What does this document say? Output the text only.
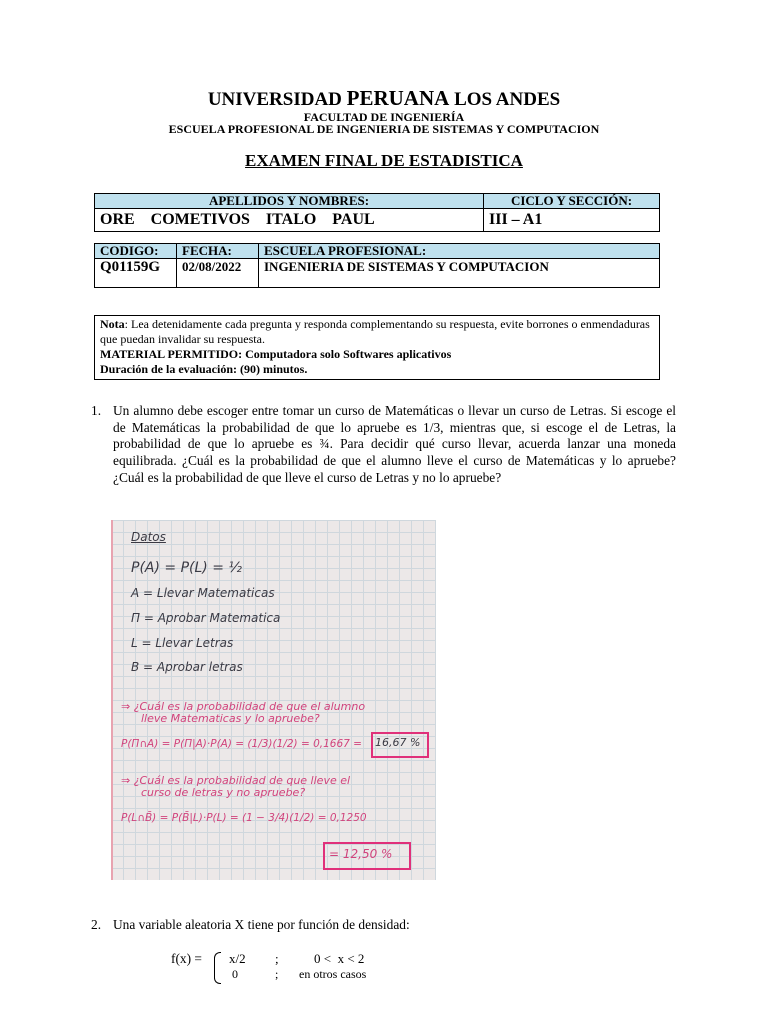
UNIVERSIDAD PERUANA LOS ANDES
FACULTAD DE INGENIERÍA
ESCUELA PROFESIONAL DE INGENIERIA DE SISTEMAS Y COMPUTACION
EXAMEN FINAL DE ESTADISTICA
APELLIDOS Y NOMBRES:	CICLO Y SECCIÓN:
ORE    COMETIVOS    ITALO    PAUL	III – A1
CODIGO:	FECHA:	ESCUELA PROFESIONAL:
Q01159G	02/08/2022	INGENIERIA DE SISTEMAS Y COMPUTACION
Nota: Lea detenidamente cada pregunta y responda complementando su respuesta, evite borrones o enmendaduras que puedan invalidar su respuesta.
MATERIAL PERMITIDO: Computadora solo Softwares aplicativos
Duración de la evaluación: (90) minutos.
1. Un alumno debe escoger entre tomar un curso de Matemáticas o llevar un curso de Letras. Si escoge el de Matemáticas la probabilidad de que lo apruebe es 1/3, mientras que, si escoge el de Letras, la probabilidad de que lo apruebe es ¾. Para decidir qué curso llevar, acuerda lanzar una moneda equilibrada. ¿Cuál es la probabilidad de que el alumno lleve el curso de Matemáticas y lo apruebe? ¿Cuál es la probabilidad de que lleve el curso de Letras y no lo apruebe?
Datos
P(A) = P(L) = ½
A = Llevar Matematicas
Π = Aprobar Matematica
L = Llevar Letras
B = Aprobar letras
⇒ ¿Cuál es la probabilidad de que el alumno
lleve Matematicas y lo apruebe?
P(Π∩A) = P(Π|A)·P(A) = (1/3)(1/2) = 0,1667 = 16,67 %
⇒ ¿Cuál es la probabilidad de que lleve el
curso de letras y no apruebe?
P(L∩B̄) = P(B̄|L)·P(L) = (1 − 3/4)(1/2) = 0,1250
= 12,50 %
2. Una variable aleatoria X tiene por función de densidad:
f(x) = x/2 ;	0 <  x < 2
0	; en otros casos
